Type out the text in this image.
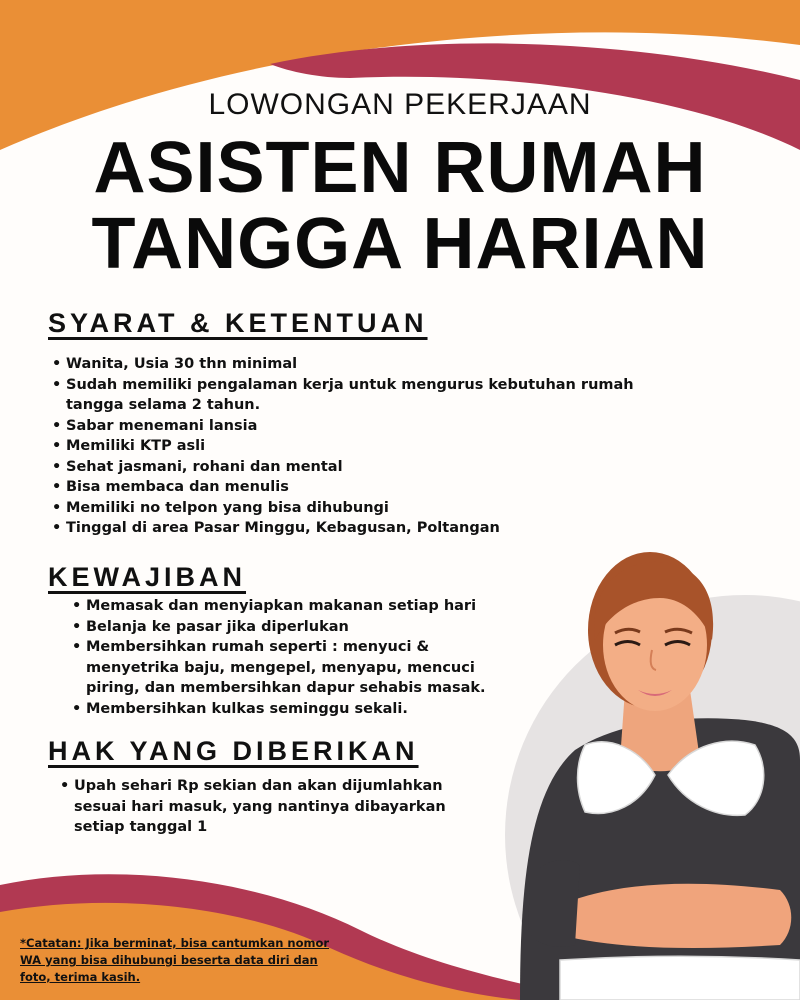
LOWONGAN PEKERJAAN
ASISTEN RUMAH
TANGGA HARIAN
SYARAT & KETENTUAN
• Wanita, Usia 30 thn minimal
• Sudah memiliki pengalaman kerja untuk mengurus kebutuhan rumah tangga selama 2 tahun.
• Sabar menemani lansia
• Memiliki KTP asli
• Sehat jasmani, rohani dan mental
• Bisa membaca dan menulis
• Memiliki no telpon yang bisa dihubungi
• Tinggal di area Pasar Minggu, Kebagusan, Poltangan
KEWAJIBAN
• Memasak dan menyiapkan makanan setiap hari
• Belanja ke pasar jika diperlukan
• Membersihkan rumah seperti : menyuci & menyetrika baju, mengepel, menyapu, mencuci piring, dan membersihkan dapur sehabis masak.
• Membersihkan kulkas seminggu sekali.
HAK YANG DIBERIKAN
• Upah sehari Rp sekian dan akan dijumlahkan sesuai hari masuk, yang nantinya dibayarkan setiap tanggal 1
*Catatan: Jika berminat, bisa cantumkan nomor WA yang bisa dihubungi beserta data diri dan foto, terima kasih.
